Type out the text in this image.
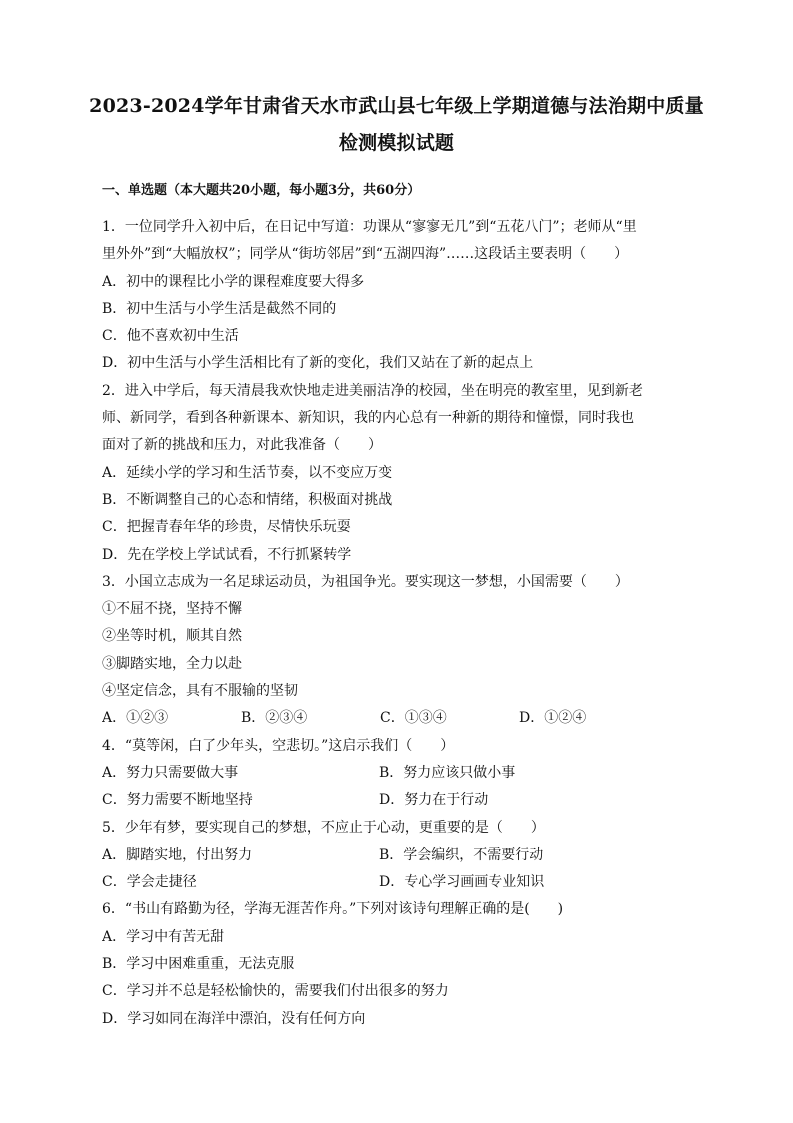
2023-2024学年甘肃省天水市武山县七年级上学期道德与法治期中质量
检测模拟试题
一、单选题（本大题共20小题，每小题3分，共60分）
1．一位同学升入初中后，在日记中写道：功课从“寥寥无几”到“五花八门”；老师从“里
里外外”到“大幅放权”；同学从“街坊邻居”到“五湖四海”……这段话主要表明（　　）
A．初中的课程比小学的课程难度要大得多
B．初中生活与小学生活是截然不同的
C．他不喜欢初中生活
D．初中生活与小学生活相比有了新的变化，我们又站在了新的起点上
2．进入中学后，每天清晨我欢快地走进美丽洁净的校园，坐在明亮的教室里，见到新老
师、新同学，看到各种新课本、新知识，我的内心总有一种新的期待和憧憬，同时我也
面对了新的挑战和压力，对此我准备（　　）
A．延续小学的学习和生活节奏，以不变应万变
B．不断调整自己的心态和情绪，积极面对挑战
C．把握青春年华的珍贵，尽情快乐玩耍
D．先在学校上学试试看，不行抓紧转学
3．小国立志成为一名足球运动员，为祖国争光。要实现这一梦想，小国需要（　　）
①不屈不挠，坚持不懈
②坐等时机，顺其自然
③脚踏实地，全力以赴
④坚定信念，具有不服输的坚韧
A．①②③	B．②③④	C．①③④	D．①②④
4．“莫等闲，白了少年头，空悲切。”这启示我们（　　）
A．努力只需要做大事	B．努力应该只做小事
C．努力需要不断地坚持	D．努力在于行动
5．少年有梦，要实现自己的梦想，不应止于心动，更重要的是（　　）
A．脚踏实地，付出努力	B．学会编织，不需要行动
C．学会走捷径	D．专心学习画画专业知识
6．“书山有路勤为径，学海无涯苦作舟。”下列对该诗句理解正确的是(　　)
A．学习中有苦无甜
B．学习中困难重重，无法克服
C．学习并不总是轻松愉快的，需要我们付出很多的努力
D．学习如同在海洋中漂泊，没有任何方向
